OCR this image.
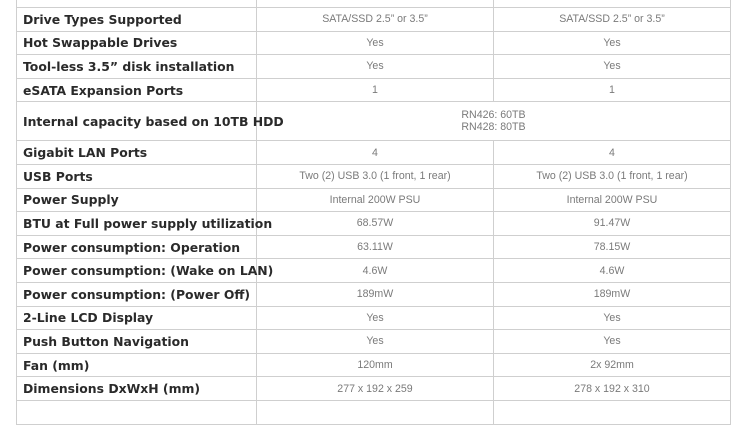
Drive Types Supported	SATA/SSD 2.5” or 3.5”	SATA/SSD 2.5” or 3.5”
Hot Swappable Drives	Yes	Yes
Tool-less 3.5” disk installation	Yes	Yes
eSATA Expansion Ports	1	1
Internal capacity based on 10TB HDD	RN426: 60TB
RN428: 80TB	

Gigabit LAN Ports	4	4
USB Ports	Two (2) USB 3.0 (1 front, 1 rear)	Two (2) USB 3.0 (1 front, 1 rear)
Power Supply	Internal 200W PSU	Internal 200W PSU
BTU at Full power supply utilization	68.57W	91.47W
Power consumption: Operation	63.11W	78.15W
Power consumption: (Wake on LAN)	4.6W	4.6W
Power consumption: (Power Off)	189mW	189mW
2-Line LCD Display	Yes	Yes
Push Button Navigation	Yes	Yes
Fan (mm)	120mm	2x 92mm
Dimensions DxWxH (mm)	277 x 192 x 259	278 x 192 x 310
